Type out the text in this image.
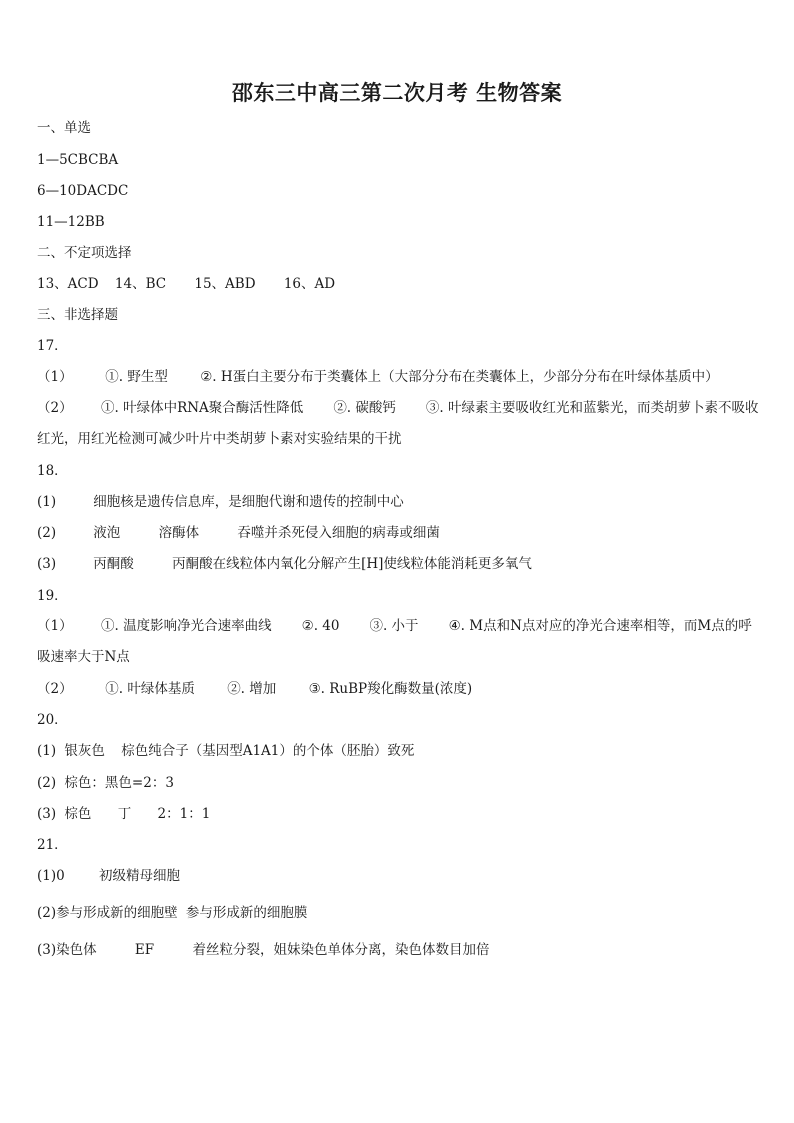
邵东三中高三第二次月考 生物答案
一、单选
1—5CBCBA
6—10DACDC
11—12BB
二、不定项选择
13、ACD 14、BC 15、ABD 16、AD
三、非选择题
17．
（1） ①. 野生型 ②. H蛋白主要分布于类囊体上（大部分分布在类囊体上，少部分分布在叶绿体基质中）
（2） ①. 叶绿体中RNA聚合酶活性降低 ②. 碳酸钙 ③. 叶绿素主要吸收红光和蓝紫光，而类胡萝卜素不吸收红光，用红光检测可减少叶片中类胡萝卜素对实验结果的干扰
18．
(1)	细胞核是遗传信息库，是细胞代谢和遗传的控制中心
(2)	液泡	溶酶体	吞噬并杀死侵入细胞的病毒或细菌
(3)	丙酮酸	丙酮酸在线粒体内氧化分解产生[H]使线粒体能消耗更多氧气
19．
（1） ①. 温度影响净光合速率曲线 ②. 40 ③. 小于 ④. M点和N点对应的净光合速率相等，而M点的呼吸速率大于N点
（2） ①. 叶绿体基质 ②. 增加 ③. RuBP羧化酶数量(浓度)
20．
(1) 银灰色 棕色纯合子（基因型A1A1）的个体（胚胎）致死
(2) 棕色：黑色=2：3
(3) 棕色 丁 2：1：1
21．
(1)0	初级精母细胞
(2)参与形成新的细胞壁 参与形成新的细胞膜
(3)染色体	EF	着丝粒分裂，姐妹染色单体分离，染色体数目加倍
